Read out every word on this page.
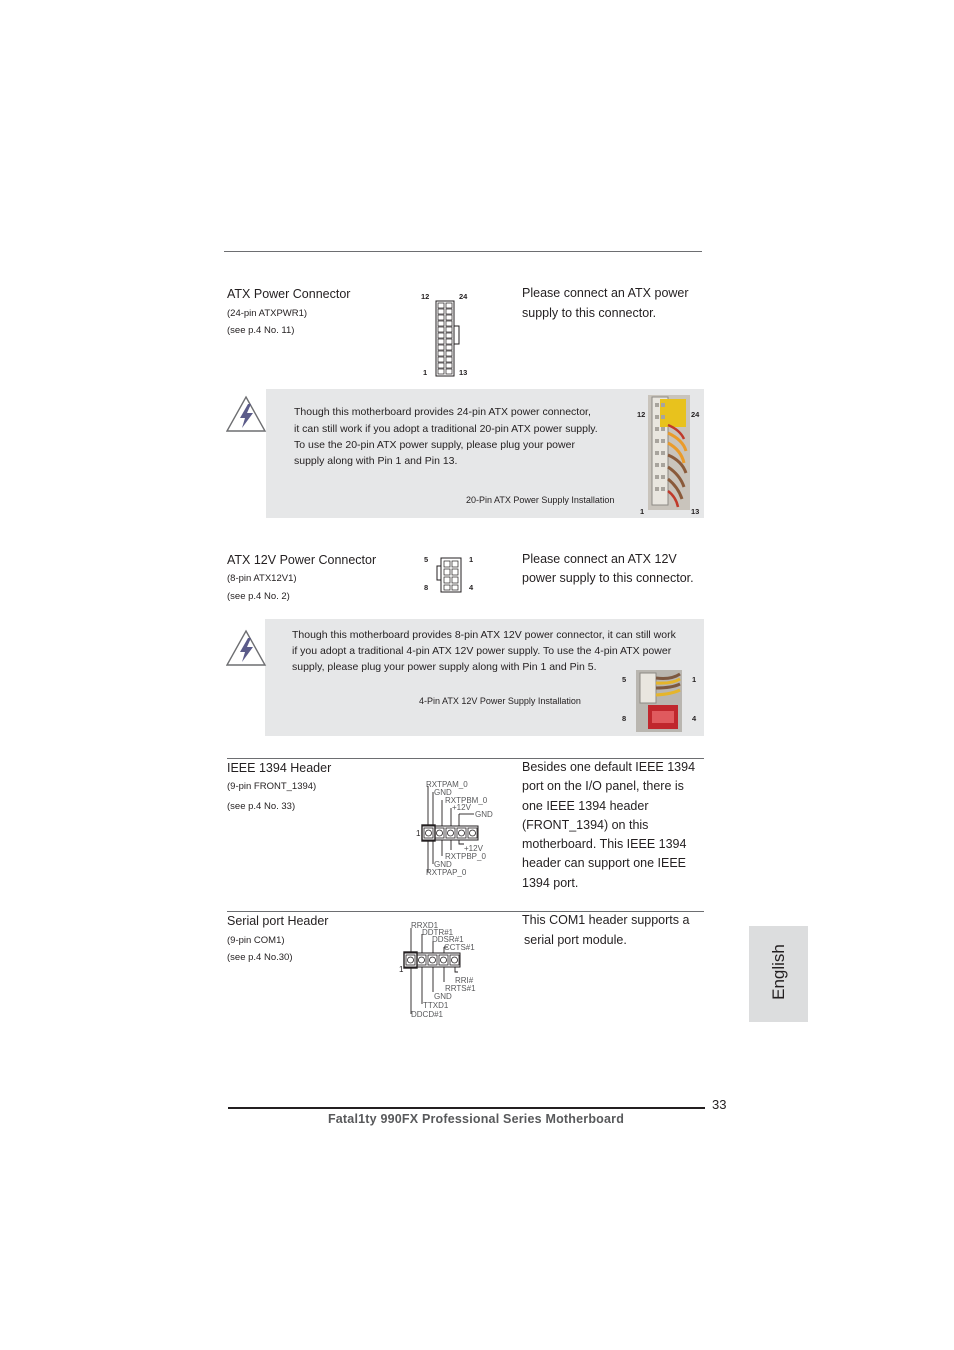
ATX Power Connector
(24-pin ATXPWR1)
(see p.4 No. 11)
Please connect an ATX power
supply to this connector.
12	24
1	13
Though this motherboard provides 24-pin ATX power connector,
it can still work if you adopt a traditional 20-pin ATX power supply.
To use the 20-pin ATX power supply, please plug your power
supply along with Pin 1 and Pin 13.
20-Pin ATX Power Supply Installation
12	24
1	13
ATX 12V Power Connector
(8-pin ATX12V1)
(see p.4 No. 2)
Please connect an ATX 12V
power supply to this connector.
5	1
8	4
Though this motherboard provides 8-pin ATX 12V power connector, it can still work
if you adopt a traditional 4-pin ATX 12V power supply. To use the 4-pin ATX power
supply, please plug your power supply along with Pin 1 and Pin 5.
4-Pin ATX 12V Power Supply Installation
5	1
8	4
IEEE 1394 Header
(9-pin FRONT_1394)
(see p.4 No. 33)
Besides one default IEEE 1394
port on the I/O panel, there is
one IEEE 1394 header
(FRONT_1394) on this
motherboard. This IEEE 1394
header can support one IEEE
1394 port.
1
RXTPAM_0
GND
RXTPBM_0
+12V
GND
+12V
RXTPBP_0
GND
RXTPAP_0
Serial port Header
(9-pin COM1)
(see p.4 No.30)
This COM1 header supports a
serial port module.
1
RRXD1
DDTR#1
DDSR#1
CCTS#1
RRI#
RRTS#1
GND
TTXD1
DDCD#1
English
33
Fatal1ty 990FX Professional Series Motherboard
